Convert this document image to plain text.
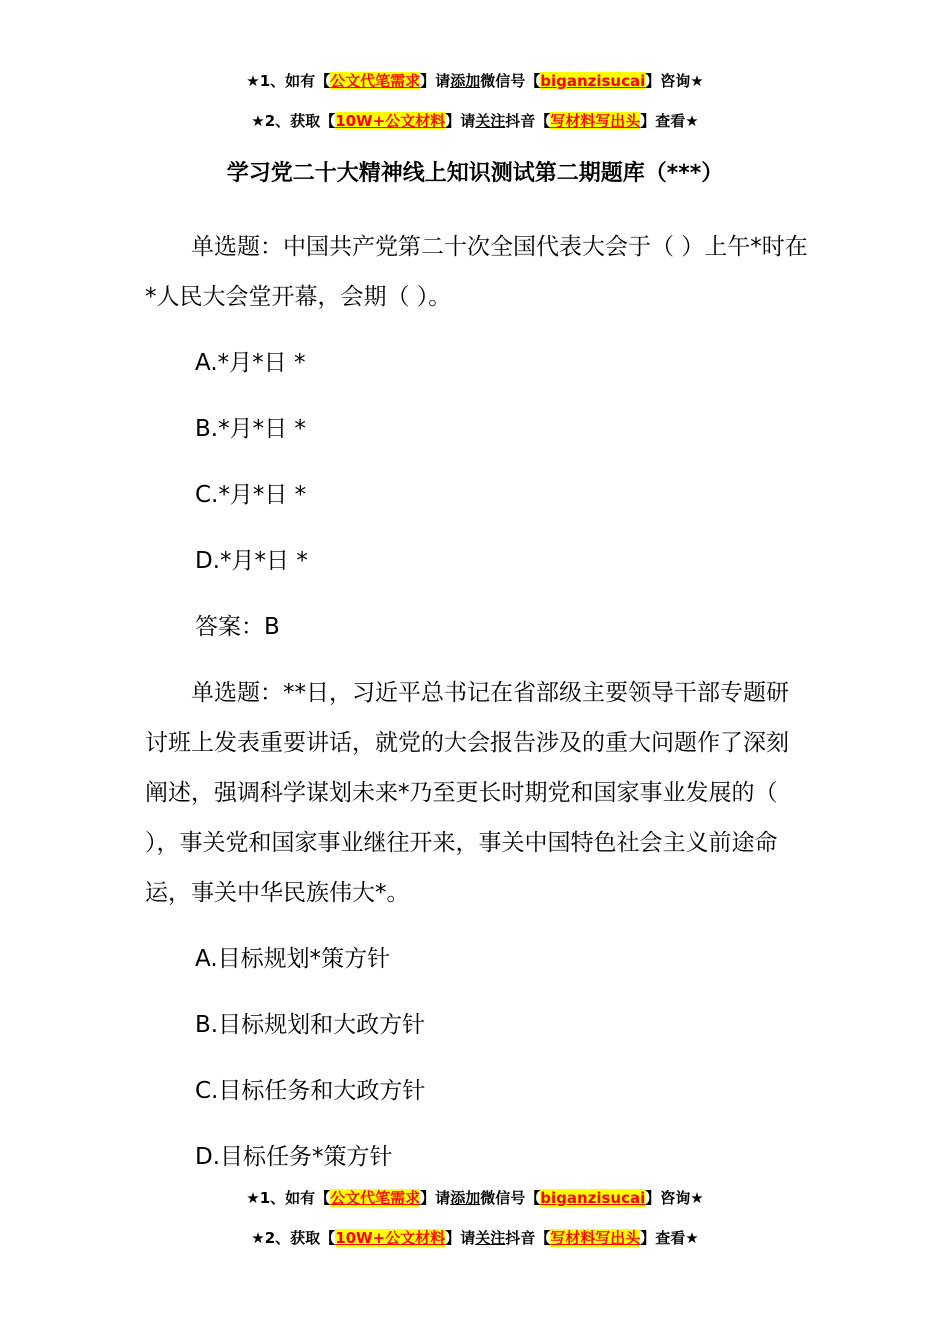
★1、如有【公文代笔需求】请添加微信号【biganzisucai】咨询★
★2、获取【10W+公文材料】请关注抖音【写材料写出头】查看★
学习党二十大精神线上知识测试第二期题库（***）

单选题：中国共产党第二十次全国代表大会于（ ）上午*时在*人民大会堂开幕，会期（ ）。

A.*月*日 *

B.*月*日 *

C.*月*日 *

D.*月*日 *

答案：B

单选题：**日，习近平总书记在省部级主要领导干部专题研讨班上发表重要讲话，就党的大会报告涉及的重大问题作了深刻阐述，强调科学谋划未来*乃至更长时期党和国家事业发展的（ ），事关党和国家事业继往开来，事关中国特色社会主义前途命运，事关中华民族伟大*。

A.目标规划*策方针

B.目标规划和大政方针

C.目标任务和大政方针

D.目标任务*策方针

★1、如有【公文代笔需求】请添加微信号【biganzisucai】咨询★
★2、获取【10W+公文材料】请关注抖音【写材料写出头】查看★
